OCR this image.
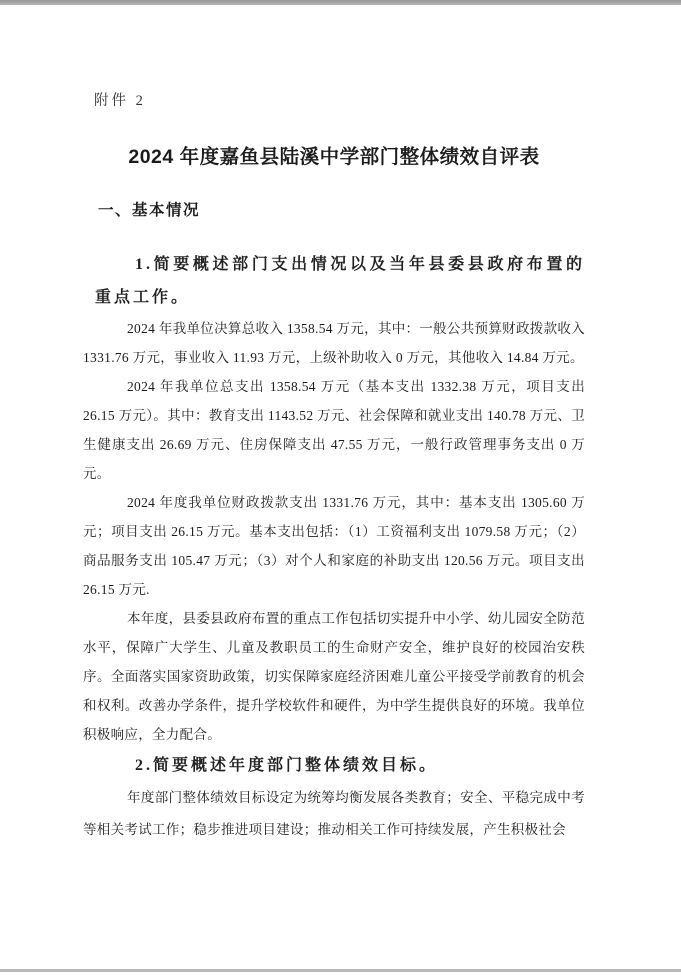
附件 2

2024 年度嘉鱼县陆溪中学部门整体绩效自评表
一、基本情况

1.简要概述部门支出情况以及当年县委县政府布置的重点工作。

2024 年我单位决算总收入 1358.54 万元，其中：一般公共预算财政拨款收入 1331.76 万元，事业收入 11.93 万元，上级补助收入 0 万元，其他收入 14.84 万元。

2024 年我单位总支出 1358.54 万元（基本支出 1332.38 万元，项目支出 26.15 万元）。其中：教育支出 1143.52 万元、社会保障和就业支出 140.78 万元、卫生健康支出 26.69 万元、住房保障支出 47.55 万元，一般行政管理事务支出 0 万元。

2024 年度我单位财政拨款支出 1331.76 万元，其中：基本支出 1305.60 万元；项目支出 26.15 万元。基本支出包括：（1）工资福利支出 1079.58 万元；（2）商品服务支出 105.47 万元；（3）对个人和家庭的补助支出 120.56 万元。项目支出 26.15 万元.

本年度，县委县政府布置的重点工作包括切实提升中小学、幼儿园安全防范水平，保障广大学生、儿童及教职员工的生命财产安全，维护良好的校园治安秩序。全面落实国家资助政策，切实保障家庭经济困难儿童公平接受学前教育的机会和权利。改善办学条件，提升学校软件和硬件，为中学生提供良好的环境。我单位积极响应，全力配合。

2.简要概述年度部门整体绩效目标。

年度部门整体绩效目标设定为统筹均衡发展各类教育；安全、平稳完成中考等相关考试工作；稳步推进项目建设；推动相关工作可持续发展，产生积极社会
